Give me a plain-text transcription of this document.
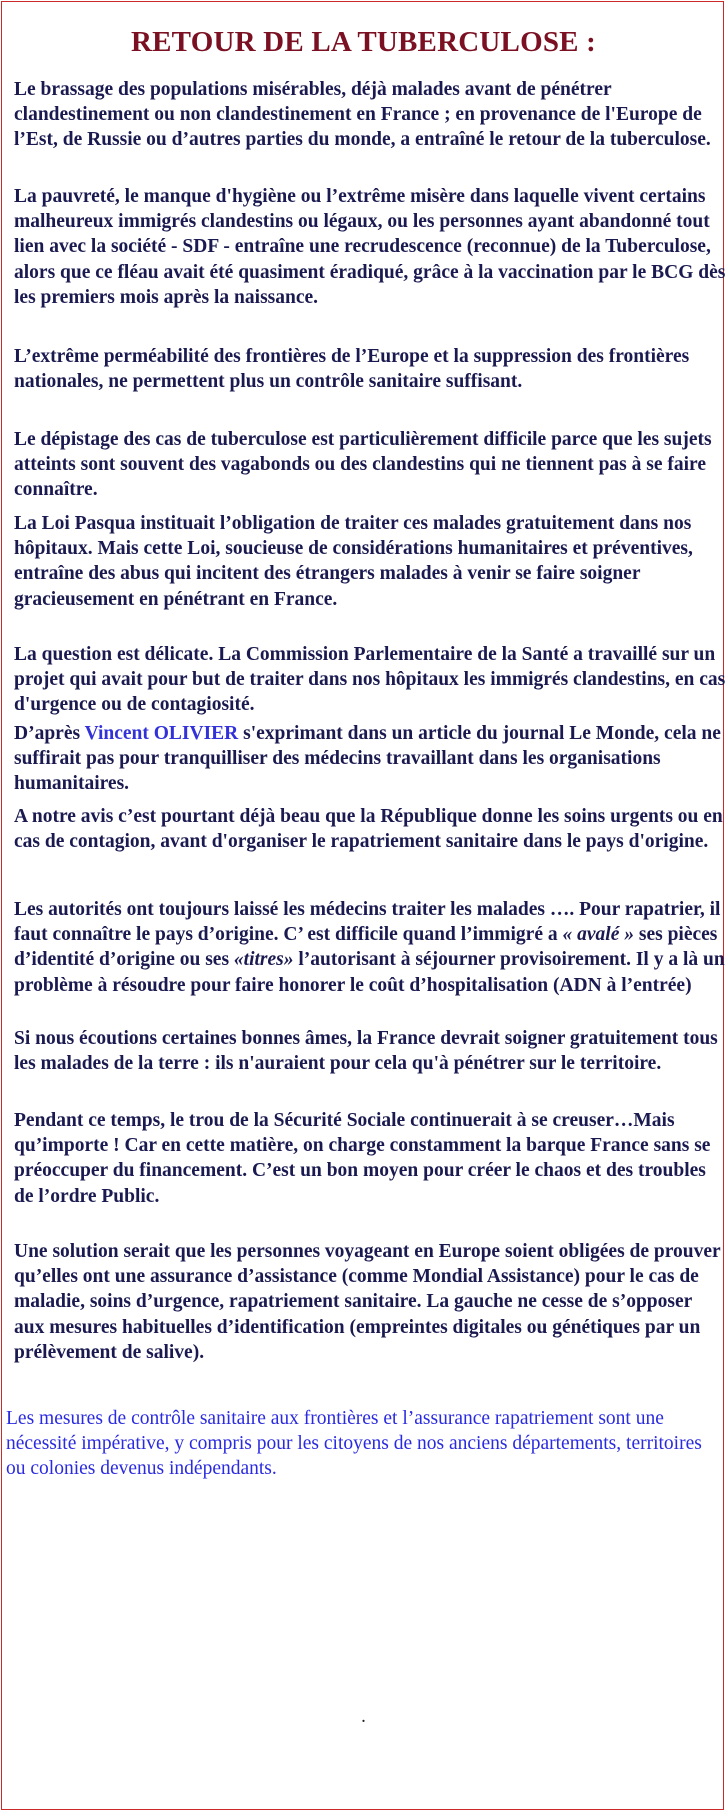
RETOUR DE LA TUBERCULOSE :

Le brassage des populations misérables, déjà malades avant de pénétrer clandestinement ou non clandestinement en France ; en provenance de l'Europe de l’Est, de Russie ou d’autres parties du monde, a entraîné le retour de la tuberculose.

La pauvreté, le manque d'hygiène ou l’extrême misère dans laquelle vivent certains malheureux immigrés clandestins ou légaux, ou les personnes ayant abandonné tout lien avec la société - SDF - entraîne une recrudescence (reconnue) de la Tuberculose, alors que ce fléau avait été quasiment éradiqué, grâce à la vaccination par le BCG dès les premiers mois après la naissance.

L’extrême perméabilité des frontières de l’Europe et la suppression des frontières nationales, ne permettent plus un contrôle sanitaire suffisant.

Le dépistage des cas de tuberculose est particulièrement difficile parce que les sujets atteints sont souvent des vagabonds ou des clandestins qui ne tiennent pas à se faire connaître.

La Loi Pasqua instituait l’obligation de traiter ces malades gratuitement dans nos hôpitaux. Mais cette Loi, soucieuse de considérations humanitaires et préventives, entraîne des abus qui incitent des étrangers malades à venir se faire soigner gracieusement en pénétrant en France.

La question est délicate. La Commission Parlementaire de la Santé a travaillé sur un projet qui avait pour but de traiter dans nos hôpitaux les immigrés clandestins, en cas d'urgence ou de contagiosité.

D’après Vincent OLIVIER s'exprimant dans un article du journal Le Monde, cela ne suffirait pas pour tranquilliser des médecins travaillant dans les organisations humanitaires.

A notre avis c’est pourtant déjà beau que la République donne les soins urgents ou en cas de contagion, avant d'organiser le rapatriement sanitaire dans le pays d'origine.

Les autorités ont toujours laissé les médecins traiter les malades …. Pour rapatrier, il faut connaître le pays d’origine. C’ est difficile quand l’immigré a « avalé » ses pièces d’identité d’origine ou ses «titres» l’autorisant à séjourner provisoirement. Il y a là un problème à résoudre pour faire honorer le coût d’hospitalisation (ADN à l’entrée)

Si nous écoutions certaines bonnes âmes, la France devrait soigner gratuitement tous les malades de la terre : ils n'auraient pour cela qu'à pénétrer sur le territoire.

Pendant ce temps, le trou de la Sécurité Sociale continuerait à se creuser…Mais qu’importe ! Car en cette matière, on charge constamment la barque France sans se préoccuper du financement. C’est un bon moyen pour créer le chaos et des troubles de l’ordre Public.

Une solution serait que les personnes voyageant en Europe soient obligées de prouver qu’elles ont une assurance d’assistance (comme Mondial Assistance) pour le cas de maladie, soins d’urgence, rapatriement sanitaire. La gauche ne cesse de s’opposer aux mesures habituelles d’identification (empreintes digitales ou génétiques par un prélèvement de salive).

Les mesures de contrôle sanitaire aux frontières et l’assurance rapatriement sont une nécessité impérative, y compris pour les citoyens de nos anciens départements, territoires ou colonies devenus indépendants.

.
